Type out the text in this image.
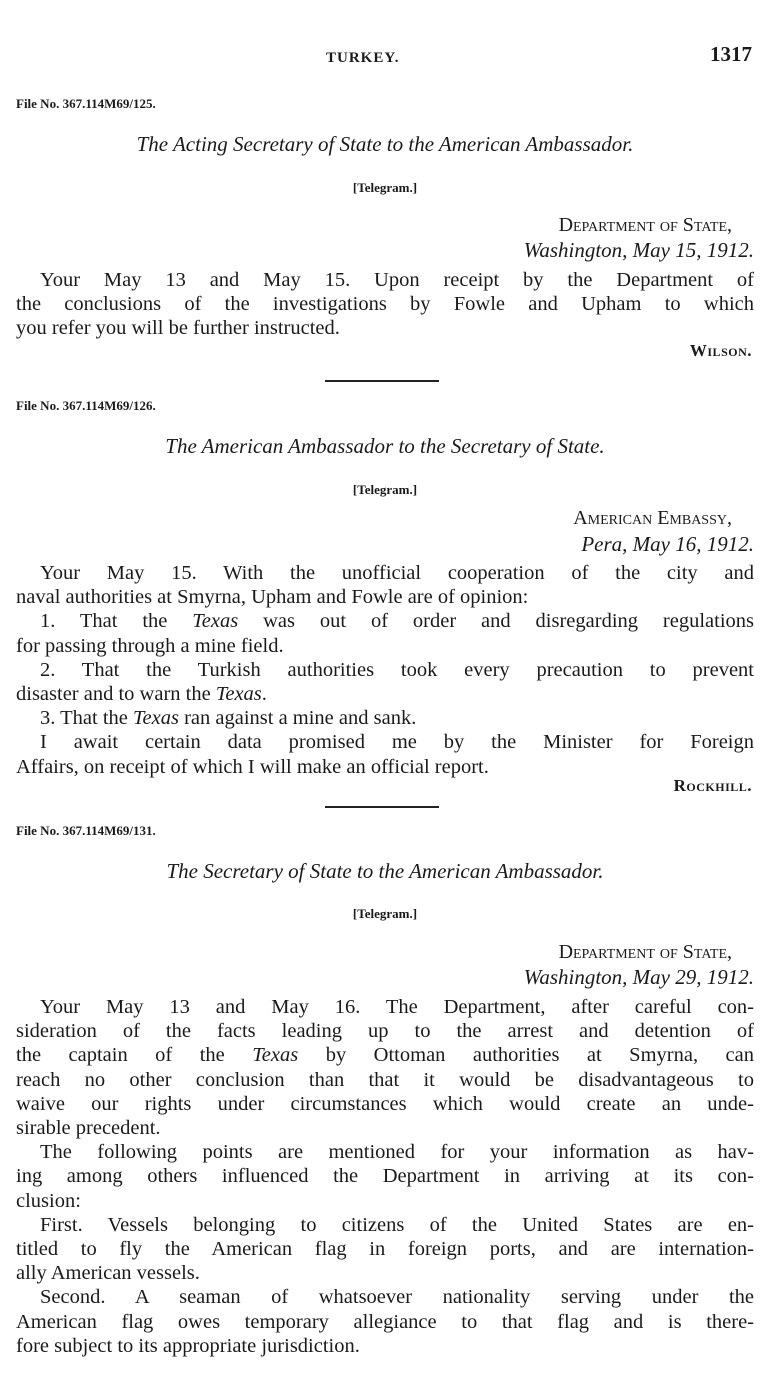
TURKEY.	1317
File No. 367.114M69/125.
The Acting Secretary of State to the American Ambassador.
[Telegram.]
Department of State,
Washington, May 15, 1912.
Your May 13 and May 15. Upon receipt by the Department of
the conclusions of the investigations by Fowle and Upham to which
you refer you will be further instructed.
Wilson.
File No. 367.114M69/126.
The American Ambassador to the Secretary of State.
[Telegram.]
American Embassy,
Pera, May 16, 1912.
Your May 15. With the unofficial cooperation of the city and
naval authorities at Smyrna, Upham and Fowle are of opinion:
1. That the Texas was out of order and disregarding regulations
for passing through a mine field.
2. That the Turkish authorities took every precaution to prevent
disaster and to warn the Texas.
3. That the Texas ran against a mine and sank.
I await certain data promised me by the Minister for Foreign
Affairs, on receipt of which I will make an official report.
Rockhill.
File No. 367.114M69/131.
The Secretary of State to the American Ambassador.
[Telegram.]
Department of State,
Washington, May 29, 1912.
Your May 13 and May 16. The Department, after careful con-
sideration of the facts leading up to the arrest and detention of
the captain of the Texas by Ottoman authorities at Smyrna, can
reach no other conclusion than that it would be disadvantageous to
waive our rights under circumstances which would create an unde-
sirable precedent.
The following points are mentioned for your information as hav-
ing among others influenced the Department in arriving at its con-
clusion:
First. Vessels belonging to citizens of the United States are en-
titled to fly the American flag in foreign ports, and are internation-
ally American vessels.
Second. A seaman of whatsoever nationality serving under the
American flag owes temporary allegiance to that flag and is there-
fore subject to its appropriate jurisdiction.
